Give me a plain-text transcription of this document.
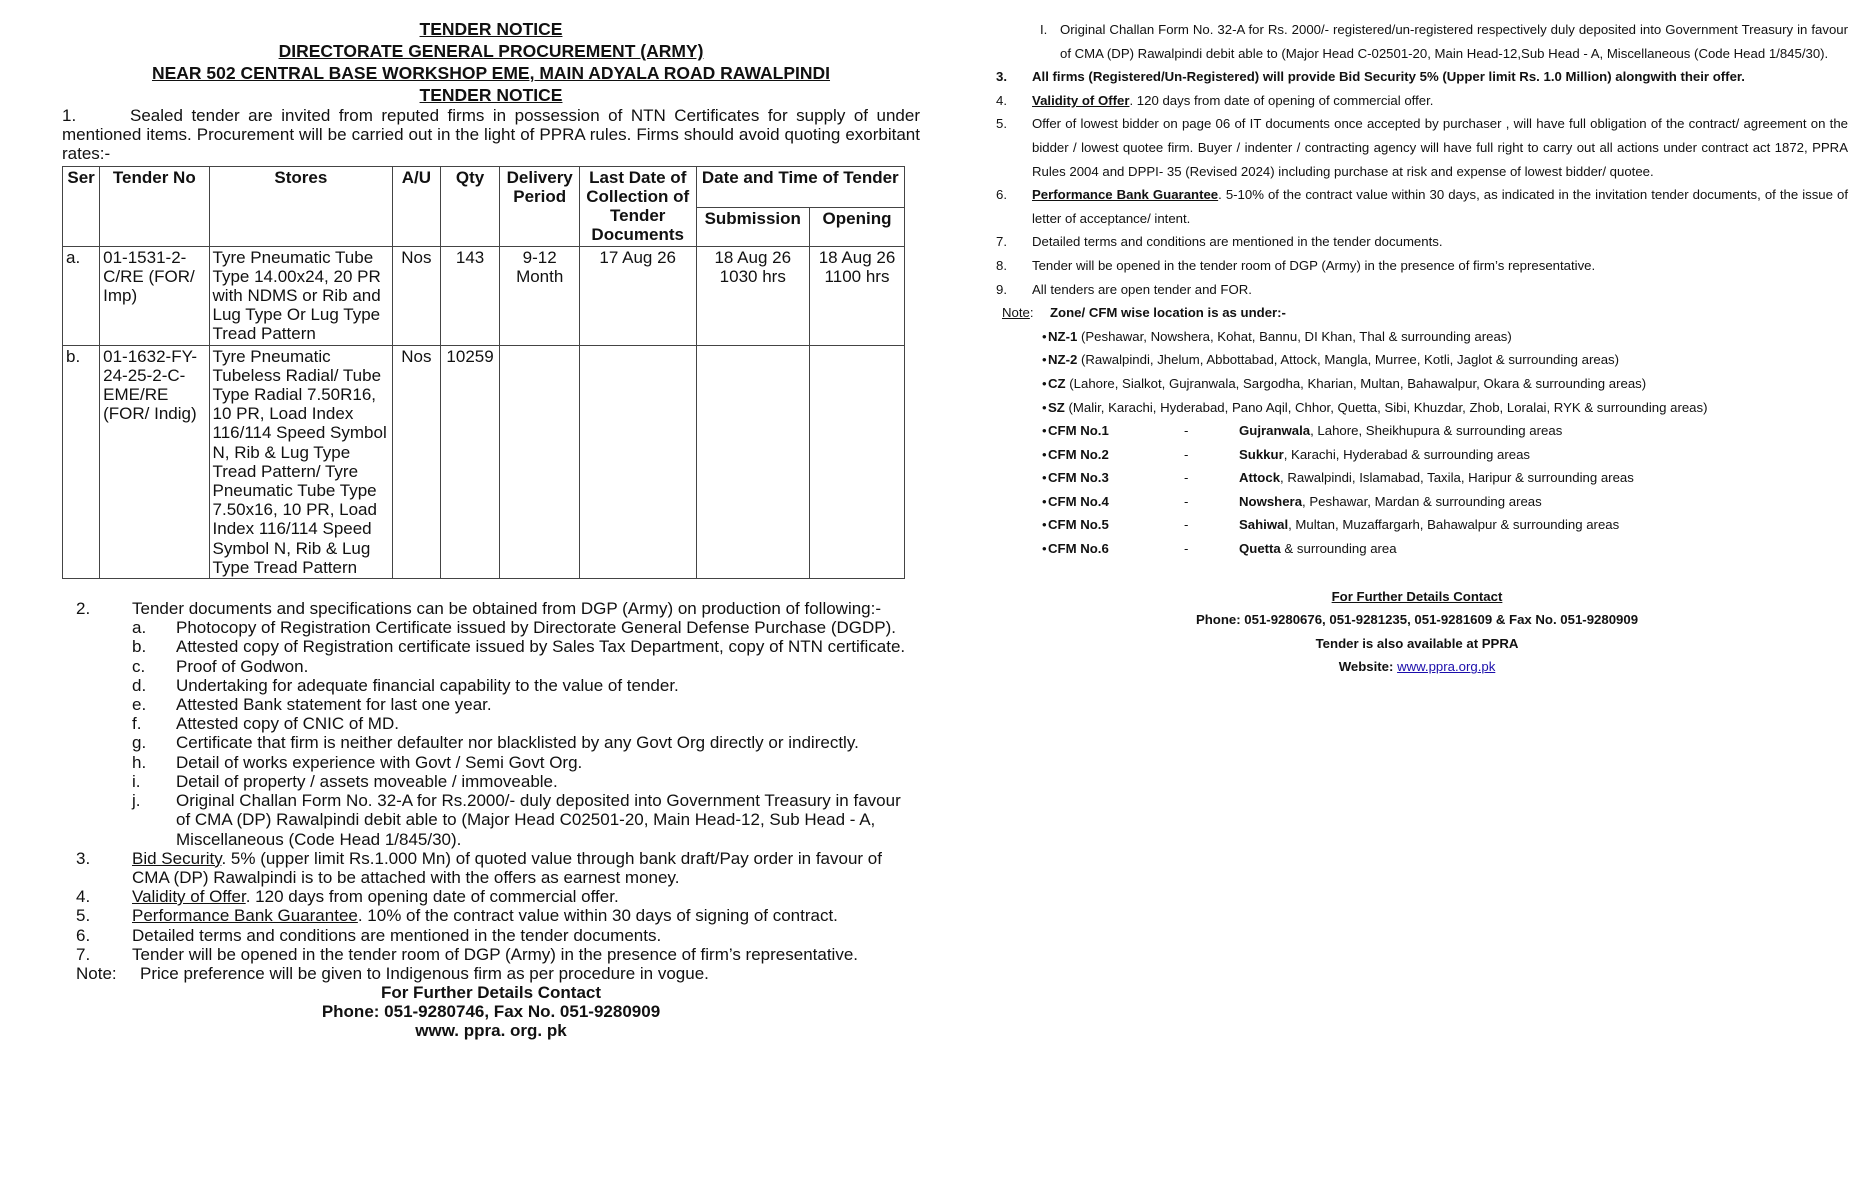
TENDER NOTICE
DIRECTORATE GENERAL PROCUREMENT (ARMY)
NEAR 502 CENTRAL BASE WORKSHOP EME, MAIN ADYALA ROAD RAWALPINDI
TENDER NOTICE

1.	Sealed tender are invited from reputed firms in possession of NTN Certificates for supply of under mentioned items. Procurement will be carried out in the light of PPRA rules. Firms should avoid quoting exorbitant rates:-

Ser	Tender No	Stores	A/U	Qty	Delivery Period	Last Date of Collection of Tender Documents	Date and Time of Tender	
							Submission	Opening
a.	01-1531-2-C/RE (FOR/ Imp)	Tyre Pneumatic Tube Type 14.00x24, 20 PR with NDMS or Rib and Lug Type Or Lug Type Tread Pattern	Nos	143	9-12 Month	17 Aug 26	18 Aug 26 1030 hrs	18 Aug 26 1100 hrs
b.	01-1632-FY-24-25-2-C-EME/RE (FOR/ Indig)	Tyre Pneumatic Tubeless Radial/ Tube Type Radial 7.50R16, 10 PR, Load Index 116/114 Speed Symbol N, Rib & Lug Type Tread Pattern/ Tyre Pneumatic Tube Type 7.50x16, 10 PR, Load Index 116/114 Speed Symbol N, Rib & Lug Type Tread Pattern	Nos	10259				
2.	Tender documents and specifications can be obtained from DGP (Army) on production of following:-
a.	Photocopy of Registration Certificate issued by Directorate General Defense Purchase (DGDP).
b.	Attested copy of Registration certificate issued by Sales Tax Department, copy of NTN certificate.
c.	Proof of Godwon.
d.	Undertaking for adequate financial capability to the value of tender.
e.	Attested Bank statement for last one year.
f.	Attested copy of CNIC of MD.
g.	Certificate that firm is neither defaulter nor blacklisted by any Govt Org directly or indirectly.
h.	Detail of works experience with Govt / Semi Govt Org.
i.	Detail of property / assets moveable / immoveable.
j.	Original Challan Form No. 32-A for Rs.2000/- duly deposited into Government Treasury in favour of CMA (DP) Rawalpindi debit able to (Major Head C02501-20, Main Head-12, Sub Head - A, Miscellaneous (Code Head 1/845/30).
3.	Bid Security. 5% (upper limit Rs.1.000 Mn) of quoted value through bank draft/Pay order in favour of CMA (DP) Rawalpindi is to be attached with the offers as earnest money.
4.	Validity of Offer. 120 days from opening date of commercial offer.
5.	Performance Bank Guarantee. 10% of the contract value within 30 days of signing of contract.
6.	Detailed terms and conditions are mentioned in the tender documents.
7.	Tender will be opened in the tender room of DGP (Army) in the presence of firm’s representative.
Note:	Price preference will be given to Indigenous firm as per procedure in vogue.
For Further Details Contact
Phone: 051-9280746, Fax No. 051-9280909
www. ppra. org. pk
I. Original Challan Form No. 32-A for Rs. 2000/- registered/un-registered respectively duly deposited into Government Treasury in favour of CMA (DP) Rawalpindi debit able to (Major Head C-02501-20, Main Head-12,Sub Head - A, Miscellaneous (Code Head 1/845/30).
3.	All firms (Registered/Un-Registered) will provide Bid Security 5% (Upper limit Rs. 1.0 Million) alongwith their offer.
4.	Validity of Offer. 120 days from date of opening of commercial offer.
5.	Offer of lowest bidder on page 06 of IT documents once accepted by purchaser , will have full obligation of the contract/ agreement on the bidder / lowest quotee firm. Buyer / indenter / contracting agency will have full right to carry out all actions under contract act 1872, PPRA Rules 2004 and DPPI- 35 (Revised 2024) including purchase at risk and expense of lowest bidder/ quotee.
6.	Performance Bank Guarantee. 5-10% of the contract value within 30 days, as indicated in the invitation tender documents, of the issue of letter of acceptance/ intent.
7.	Detailed terms and conditions are mentioned in the tender documents.
8.	Tender will be opened in the tender room of DGP (Army) in the presence of firm’s representative.
9.	All tenders are open tender and FOR.
Note:	Zone/ CFM wise location is as under:-
• NZ-1 (Peshawar, Nowshera, Kohat, Bannu, DI Khan, Thal & surrounding areas)
• NZ-2 (Rawalpindi, Jhelum, Abbottabad, Attock, Mangla, Murree, Kotli, Jaglot & surrounding areas)
• CZ (Lahore, Sialkot, Gujranwala, Sargodha, Kharian, Multan, Bahawalpur, Okara & surrounding areas)
• SZ (Malir, Karachi, Hyderabad, Pano Aqil, Chhor, Quetta, Sibi, Khuzdar, Zhob, Loralai, RYK & surrounding areas)
• CFM No.1	-	Gujranwala, Lahore, Sheikhupura & surrounding areas
• CFM No.2	-	Sukkur, Karachi, Hyderabad & surrounding areas
• CFM No.3	-	Attock, Rawalpindi, Islamabad, Taxila, Haripur & surrounding areas
• CFM No.4	-	Nowshera, Peshawar, Mardan & surrounding areas
• CFM No.5	-	Sahiwal, Multan, Muzaffargarh, Bahawalpur & surrounding areas
• CFM No.6	-	Quetta & surrounding area
For Further Details Contact
Phone: 051-9280676, 051-9281235, 051-9281609 & Fax No. 051-9280909
Tender is also available at PPRA
Website: www.ppra.org.pk
